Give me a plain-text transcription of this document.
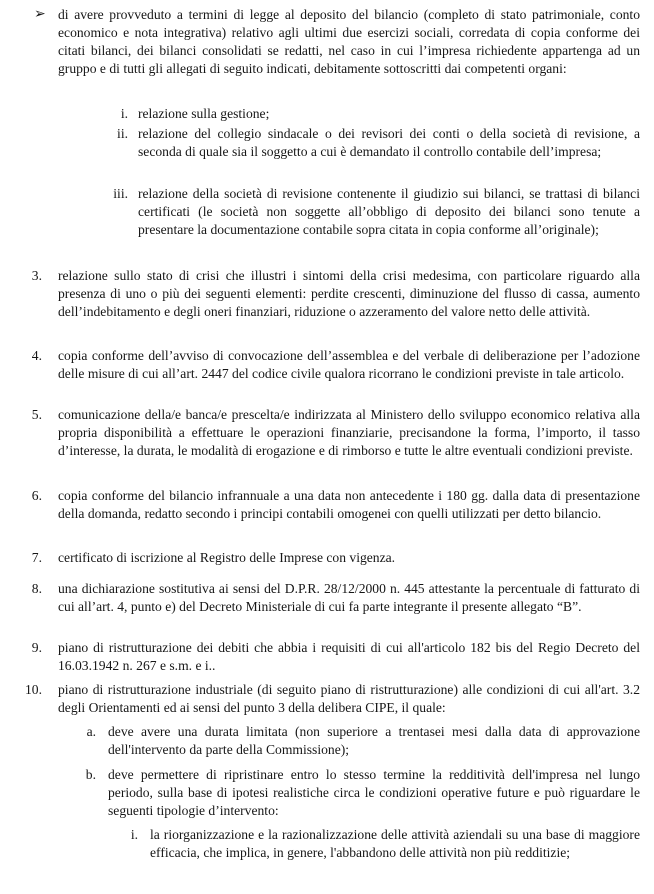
➢ di avere provveduto a termini di legge al deposito del bilancio (completo di stato patrimoniale, conto economico e nota integrativa) relativo agli ultimi due esercizi sociali, corredata di copia conforme dei citati bilanci, dei bilanci consolidati se redatti, nel caso in cui l’impresa richiedente appartenga ad un gruppo e di tutti gli allegati di seguito indicati, debitamente sottoscritti dai competenti organi:
i. relazione sulla gestione;
ii. relazione del collegio sindacale o dei revisori dei conti o della società di revisione, a seconda di quale sia il soggetto a cui è demandato il controllo contabile dell’impresa;
iii. relazione della società di revisione contenente il giudizio sui bilanci, se trattasi di bilanci certificati (le società non soggette all’obbligo di deposito dei bilanci sono tenute a presentare la documentazione contabile sopra citata in copia conforme all’originale);
3. relazione sullo stato di crisi che illustri i sintomi della crisi medesima, con particolare riguardo alla presenza di uno o più dei seguenti elementi: perdite crescenti, diminuzione del flusso di cassa, aumento dell’indebitamento e degli oneri finanziari, riduzione o azzeramento del valore netto delle attività.
4. copia conforme dell’avviso di convocazione dell’assemblea e del verbale di deliberazione per l’adozione delle misure di cui all’art. 2447 del codice civile qualora ricorrano le condizioni previste in tale articolo.
5. comunicazione della/e banca/e prescelta/e indirizzata al Ministero dello sviluppo economico relativa alla propria disponibilità a effettuare le operazioni finanziarie, precisandone la forma, l’importo, il tasso d’interesse, la durata, le modalità di erogazione e di rimborso e tutte le altre eventuali condizioni previste.
6. copia conforme del bilancio infrannuale a una data non antecedente i 180 gg. dalla data di presentazione della domanda, redatto secondo i principi contabili omogenei con quelli utilizzati per detto bilancio.
7. certificato di iscrizione al Registro delle Imprese con vigenza.
8. una dichiarazione sostitutiva ai sensi del D.P.R. 28/12/2000 n. 445 attestante la percentuale di fatturato di cui all’art. 4, punto e) del Decreto Ministeriale di cui fa parte integrante il presente allegato “B”.
9. piano di ristrutturazione dei debiti che abbia i requisiti di cui all'articolo 182 bis del Regio Decreto del 16.03.1942 n. 267 e s.m. e i..
10. piano di ristrutturazione industriale (di seguito piano di ristrutturazione) alle condizioni di cui all'art. 3.2 degli Orientamenti ed ai sensi del punto 3 della delibera CIPE, il quale:
a. deve avere una durata limitata (non superiore a trentasei mesi dalla data di approvazione dell'intervento da parte della Commissione);
b. deve permettere di ripristinare entro lo stesso termine la redditività dell'impresa nel lungo periodo, sulla base di ipotesi realistiche circa le condizioni operative future e può riguardare le seguenti tipologie d’intervento:
i. la riorganizzazione e la razionalizzazione delle attività aziendali su una base di maggiore efficacia, che implica, in genere, l'abbandono delle attività non più redditizie;
